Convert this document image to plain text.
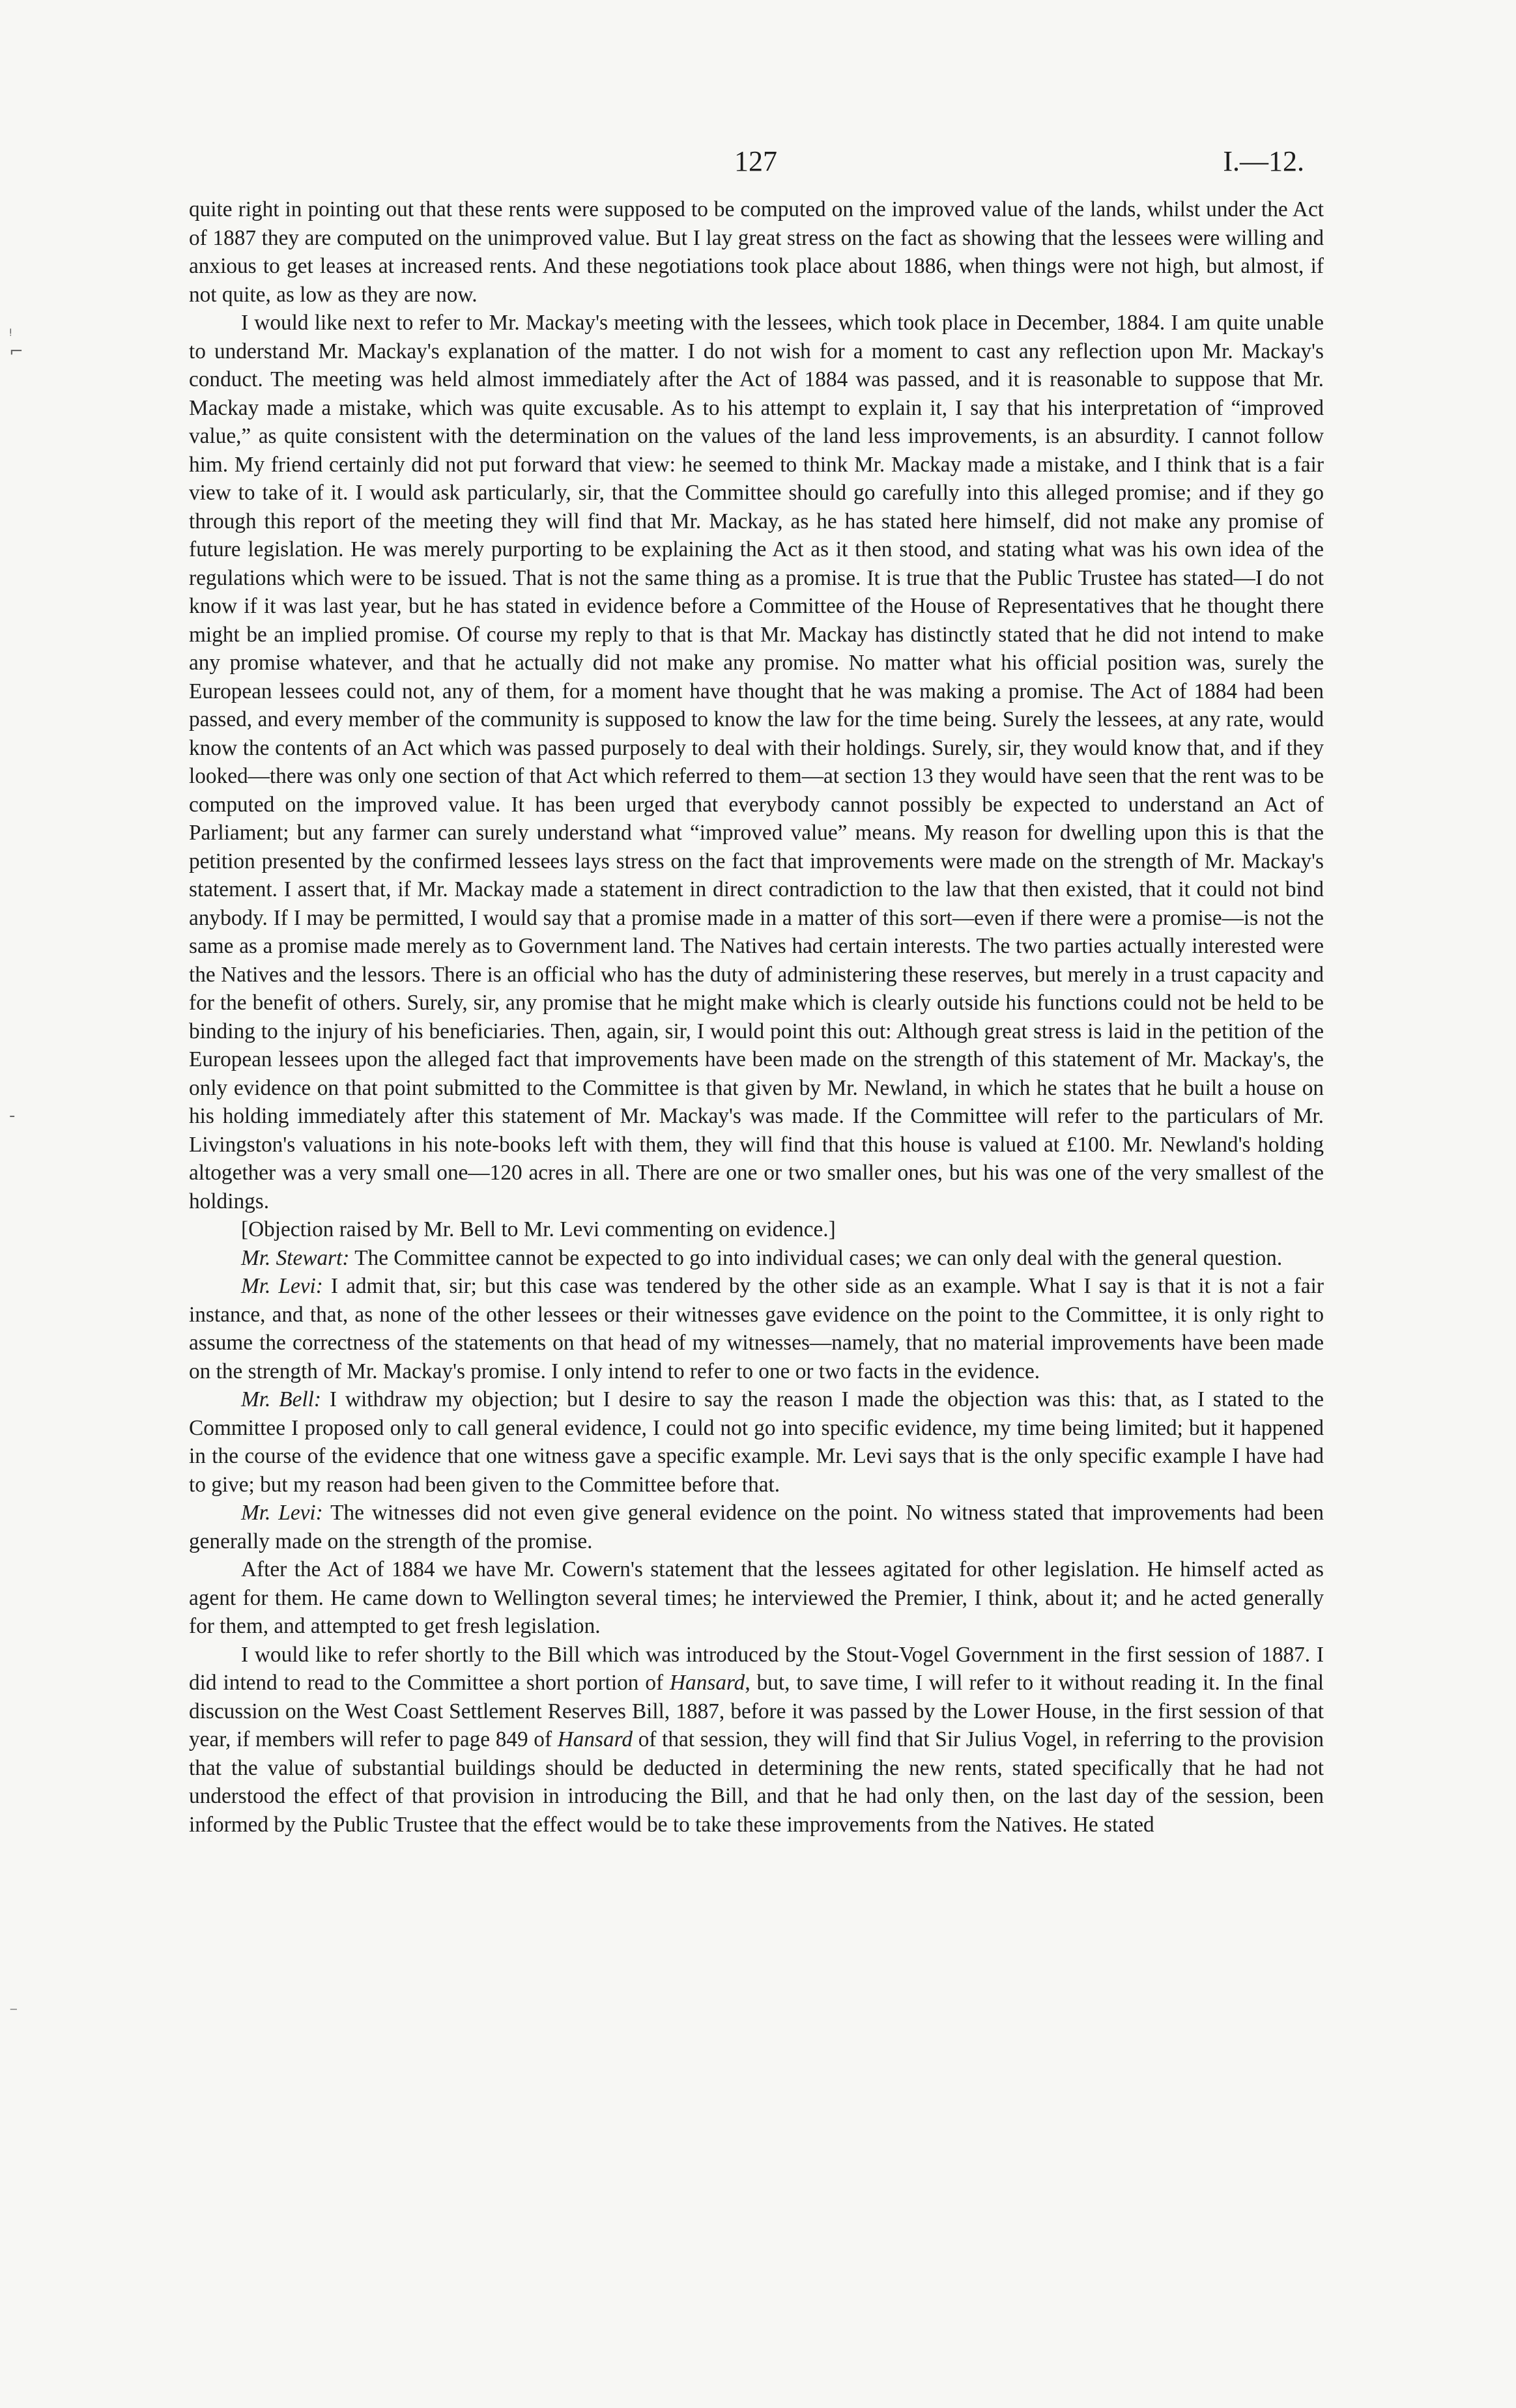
127	I.—12.
ᵎ
⌐
-
⁻

quite right in pointing out that these rents were supposed to be computed on the improved value of the lands, whilst under the Act of 1887 they are computed on the unimproved value. But I lay great stress on the fact as showing that the lessees were willing and anxious to get leases at increased rents. And these negotiations took place about 1886, when things were not high, but almost, if not quite, as low as they are now.

I would like next to refer to Mr. Mackay's meeting with the lessees, which took place in December, 1884. I am quite unable to understand Mr. Mackay's explanation of the matter. I do not wish for a moment to cast any reflection upon Mr. Mackay's conduct. The meeting was held almost immediately after the Act of 1884 was passed, and it is reasonable to suppose that Mr. Mackay made a mistake, which was quite excusable. As to his attempt to explain it, I say that his interpretation of “improved value,” as quite consistent with the determination on the values of the land less improvements, is an absurdity. I cannot follow him. My friend certainly did not put forward that view: he seemed to think Mr. Mackay made a mistake, and I think that is a fair view to take of it. I would ask particularly, sir, that the Committee should go carefully into this alleged promise; and if they go through this report of the meeting they will find that Mr. Mackay, as he has stated here himself, did not make any promise of future legislation. He was merely purporting to be explaining the Act as it then stood, and stating what was his own idea of the regulations which were to be issued. That is not the same thing as a promise. It is true that the Public Trustee has stated—I do not know if it was last year, but he has stated in evidence before a Committee of the House of Representatives that he thought there might be an implied promise. Of course my reply to that is that Mr. Mackay has distinctly stated that he did not intend to make any promise whatever, and that he actually did not make any promise. No matter what his official position was, surely the European lessees could not, any of them, for a moment have thought that he was making a promise. The Act of 1884 had been passed, and every member of the community is supposed to know the law for the time being. Surely the lessees, at any rate, would know the contents of an Act which was passed purposely to deal with their holdings. Surely, sir, they would know that, and if they looked—there was only one section of that Act which referred to them—at section 13 they would have seen that the rent was to be computed on the improved value. It has been urged that everybody cannot possibly be expected to understand an Act of Parliament; but any farmer can surely understand what “improved value” means. My reason for dwelling upon this is that the petition presented by the confirmed lessees lays stress on the fact that improvements were made on the strength of Mr. Mackay's statement. I assert that, if Mr. Mackay made a statement in direct contradiction to the law that then existed, that it could not bind anybody. If I may be permitted, I would say that a promise made in a matter of this sort—even if there were a promise—is not the same as a promise made merely as to Government land. The Natives had certain interests. The two parties actually interested were the Natives and the lessors. There is an official who has the duty of administering these reserves, but merely in a trust capacity and for the benefit of others. Surely, sir, any promise that he might make which is clearly outside his functions could not be held to be binding to the injury of his beneficiaries. Then, again, sir, I would point this out: Although great stress is laid in the petition of the European lessees upon the alleged fact that improvements have been made on the strength of this statement of Mr. Mackay's, the only evidence on that point submitted to the Committee is that given by Mr. Newland, in which he states that he built a house on his holding immediately after this statement of Mr. Mackay's was made. If the Committee will refer to the particulars of Mr. Livingston's valuations in his note-books left with them, they will find that this house is valued at £100. Mr. Newland's holding altogether was a very small one—120 acres in all. There are one or two smaller ones, but his was one of the very smallest of the holdings.

[Objection raised by Mr. Bell to Mr. Levi commenting on evidence.]

Mr. Stewart: The Committee cannot be expected to go into individual cases; we can only deal with the general question.

Mr. Levi: I admit that, sir; but this case was tendered by the other side as an example. What I say is that it is not a fair instance, and that, as none of the other lessees or their witnesses gave evidence on the point to the Committee, it is only right to assume the correctness of the statements on that head of my witnesses—namely, that no material improvements have been made on the strength of Mr. Mackay's promise. I only intend to refer to one or two facts in the evidence.

Mr. Bell: I withdraw my objection; but I desire to say the reason I made the objection was this: that, as I stated to the Committee I proposed only to call general evidence, I could not go into specific evidence, my time being limited; but it happened in the course of the evidence that one witness gave a specific example. Mr. Levi says that is the only specific example I have had to give; but my reason had been given to the Committee before that.

Mr. Levi: The witnesses did not even give general evidence on the point. No witness stated that improvements had been generally made on the strength of the promise.

After the Act of 1884 we have Mr. Cowern's statement that the lessees agitated for other legislation. He himself acted as agent for them. He came down to Wellington several times; he interviewed the Premier, I think, about it; and he acted generally for them, and attempted to get fresh legislation.

I would like to refer shortly to the Bill which was introduced by the Stout-Vogel Government in the first session of 1887. I did intend to read to the Committee a short portion of Hansard, but, to save time, I will refer to it without reading it. In the final discussion on the West Coast Settlement Reserves Bill, 1887, before it was passed by the Lower House, in the first session of that year, if members will refer to page 849 of Hansard of that session, they will find that Sir Julius Vogel, in referring to the provision that the value of substantial buildings should be deducted in determining the new rents, stated specifically that he had not understood the effect of that provision in introducing the Bill, and that he had only then, on the last day of the session, been informed by the Public Trustee that the effect would be to take these improvements from the Natives. He stated
